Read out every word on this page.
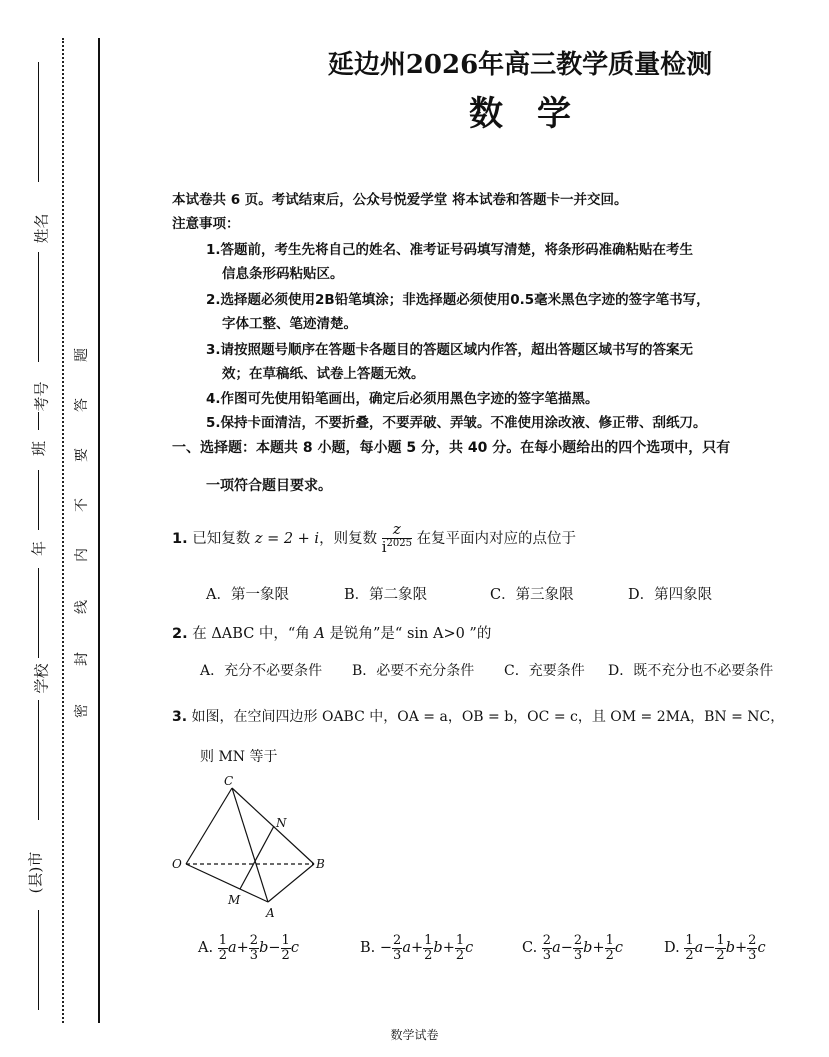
姓名
考号
班
年
学校
(县)市
题
答
要
不
内
线
封
密
延边州2026年高三教学质量检测
数　学
本试卷共 6 页。考试结束后，公众号悦爱学堂 将本试卷和答题卡一并交回。
注意事项：
1.答题前，考生先将自己的姓名、准考证号码填写清楚，将条形码准确粘贴在考生
信息条形码粘贴区。
2.选择题必须使用2B铅笔填涂；非选择题必须使用0.5毫米黑色字迹的签字笔书写，
字体工整、笔迹清楚。
3.请按照题号顺序在答题卡各题目的答题区域内作答，超出答题区域书写的答案无
效；在草稿纸、试卷上答题无效。
4.作图可先使用铅笔画出，确定后必须用黑色字迹的签字笔描黑。
5.保持卡面清洁，不要折叠，不要弄破、弄皱。不准使用涂改液、修正带、刮纸刀。
一、选择题：本题共 8 小题，每小题 5 分，共 40 分。在每小题给出的四个选项中，只有
一项符合题目要求。
1. 已知复数 z = 2 + i，则复数 $\frac{z}{i^{2025}}$ 在复平面内对应的点位于
A．第一象限	B．第二象限	C．第三象限	D．第四象限
2. 在 ΔABC 中，“角 A 是锐角”是“ sin A>0 ”的
A．充分不必要条件 B．必要不充分条件 C．充要条件 D．既不充分也不必要条件
3. 如图，在空间四边形 OABC 中，OA = a，OB = b，OC = c，且 OM = 2MA，BN = NC，
则 MN 等于
C
N
O	B
M
A
A. $\frac{1}{2} a+ \frac{2}{3} b- \frac{1}{2}$ c	B. − $\frac{2}{3} a+ \frac{1}{2} b+ \frac{1}{2}$ c	C. $\frac{2}{3} a- \frac{2}{3} b+ \frac{1}{2}$ c	D. $\frac{1}{2} a- \frac{1}{2} b+ \frac{2}{3}$ c
数学试卷
